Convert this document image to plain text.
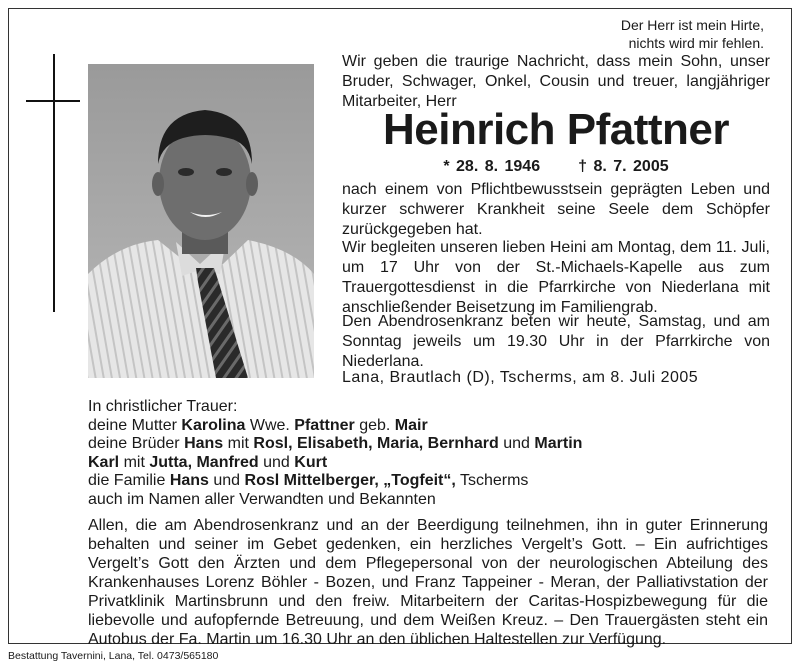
Der Herr ist mein Hirte,
nichts wird mir fehlen.
Wir geben die traurige Nachricht, dass mein Sohn, unser Bruder, Schwager, Onkel, Cousin und treuer, langjähriger Mitarbeiter, Herr
Heinrich Pfattner
* 28. 8. 1946 † 8. 7. 2005
nach einem von Pflichtbewusstsein geprägten Leben und kurzer schwerer Krankheit seine Seele dem Schöpfer zurückgegeben hat.
Wir begleiten unseren lieben Heini am Montag, dem 11. Juli, um 17 Uhr von der St.-Michaels-Kapelle aus zum Trauergottesdienst in die Pfarrkirche von Niederlana mit anschließender Beisetzung im Familiengrab.
Den Abendrosenkranz beten wir heute, Samstag, und am Sonntag jeweils um 19.30 Uhr in der Pfarrkirche von Niederlana.
Lana, Brautlach (D), Tscherms, am 8. Juli 2005
In christlicher Trauer:
deine Mutter Karolina Wwe. Pfattner geb. Mair
deine Brüder Hans mit Rosl, Elisabeth, Maria, Bernhard und Martin
Karl mit Jutta, Manfred und Kurt
die Familie Hans und Rosl Mittelberger, „Togfeit“, Tscherms
auch im Namen aller Verwandten und Bekannten
Allen, die am Abendrosenkranz und an der Beerdigung teilnehmen, ihn in guter Erinnerung behalten und seiner im Gebet gedenken, ein herzliches Vergelt’s Gott. – Ein aufrichtiges Vergelt’s Gott den Ärzten und dem Pflegepersonal von der neurologischen Abteilung des Krankenhauses Lorenz Böhler - Bozen, und Franz Tappeiner - Meran, der Palliativstation der Privatklinik Martinsbrunn und den freiw. Mitarbeitern der Caritas-Hospizbewegung für die liebevolle und aufopfernde Betreuung, und dem Weißen Kreuz. – Den Trauergästen steht ein Autobus der Fa. Martin um 16.30 Uhr an den üblichen Haltestellen zur Verfügung.
Bestattung Tavernini, Lana, Tel. 0473/565180
